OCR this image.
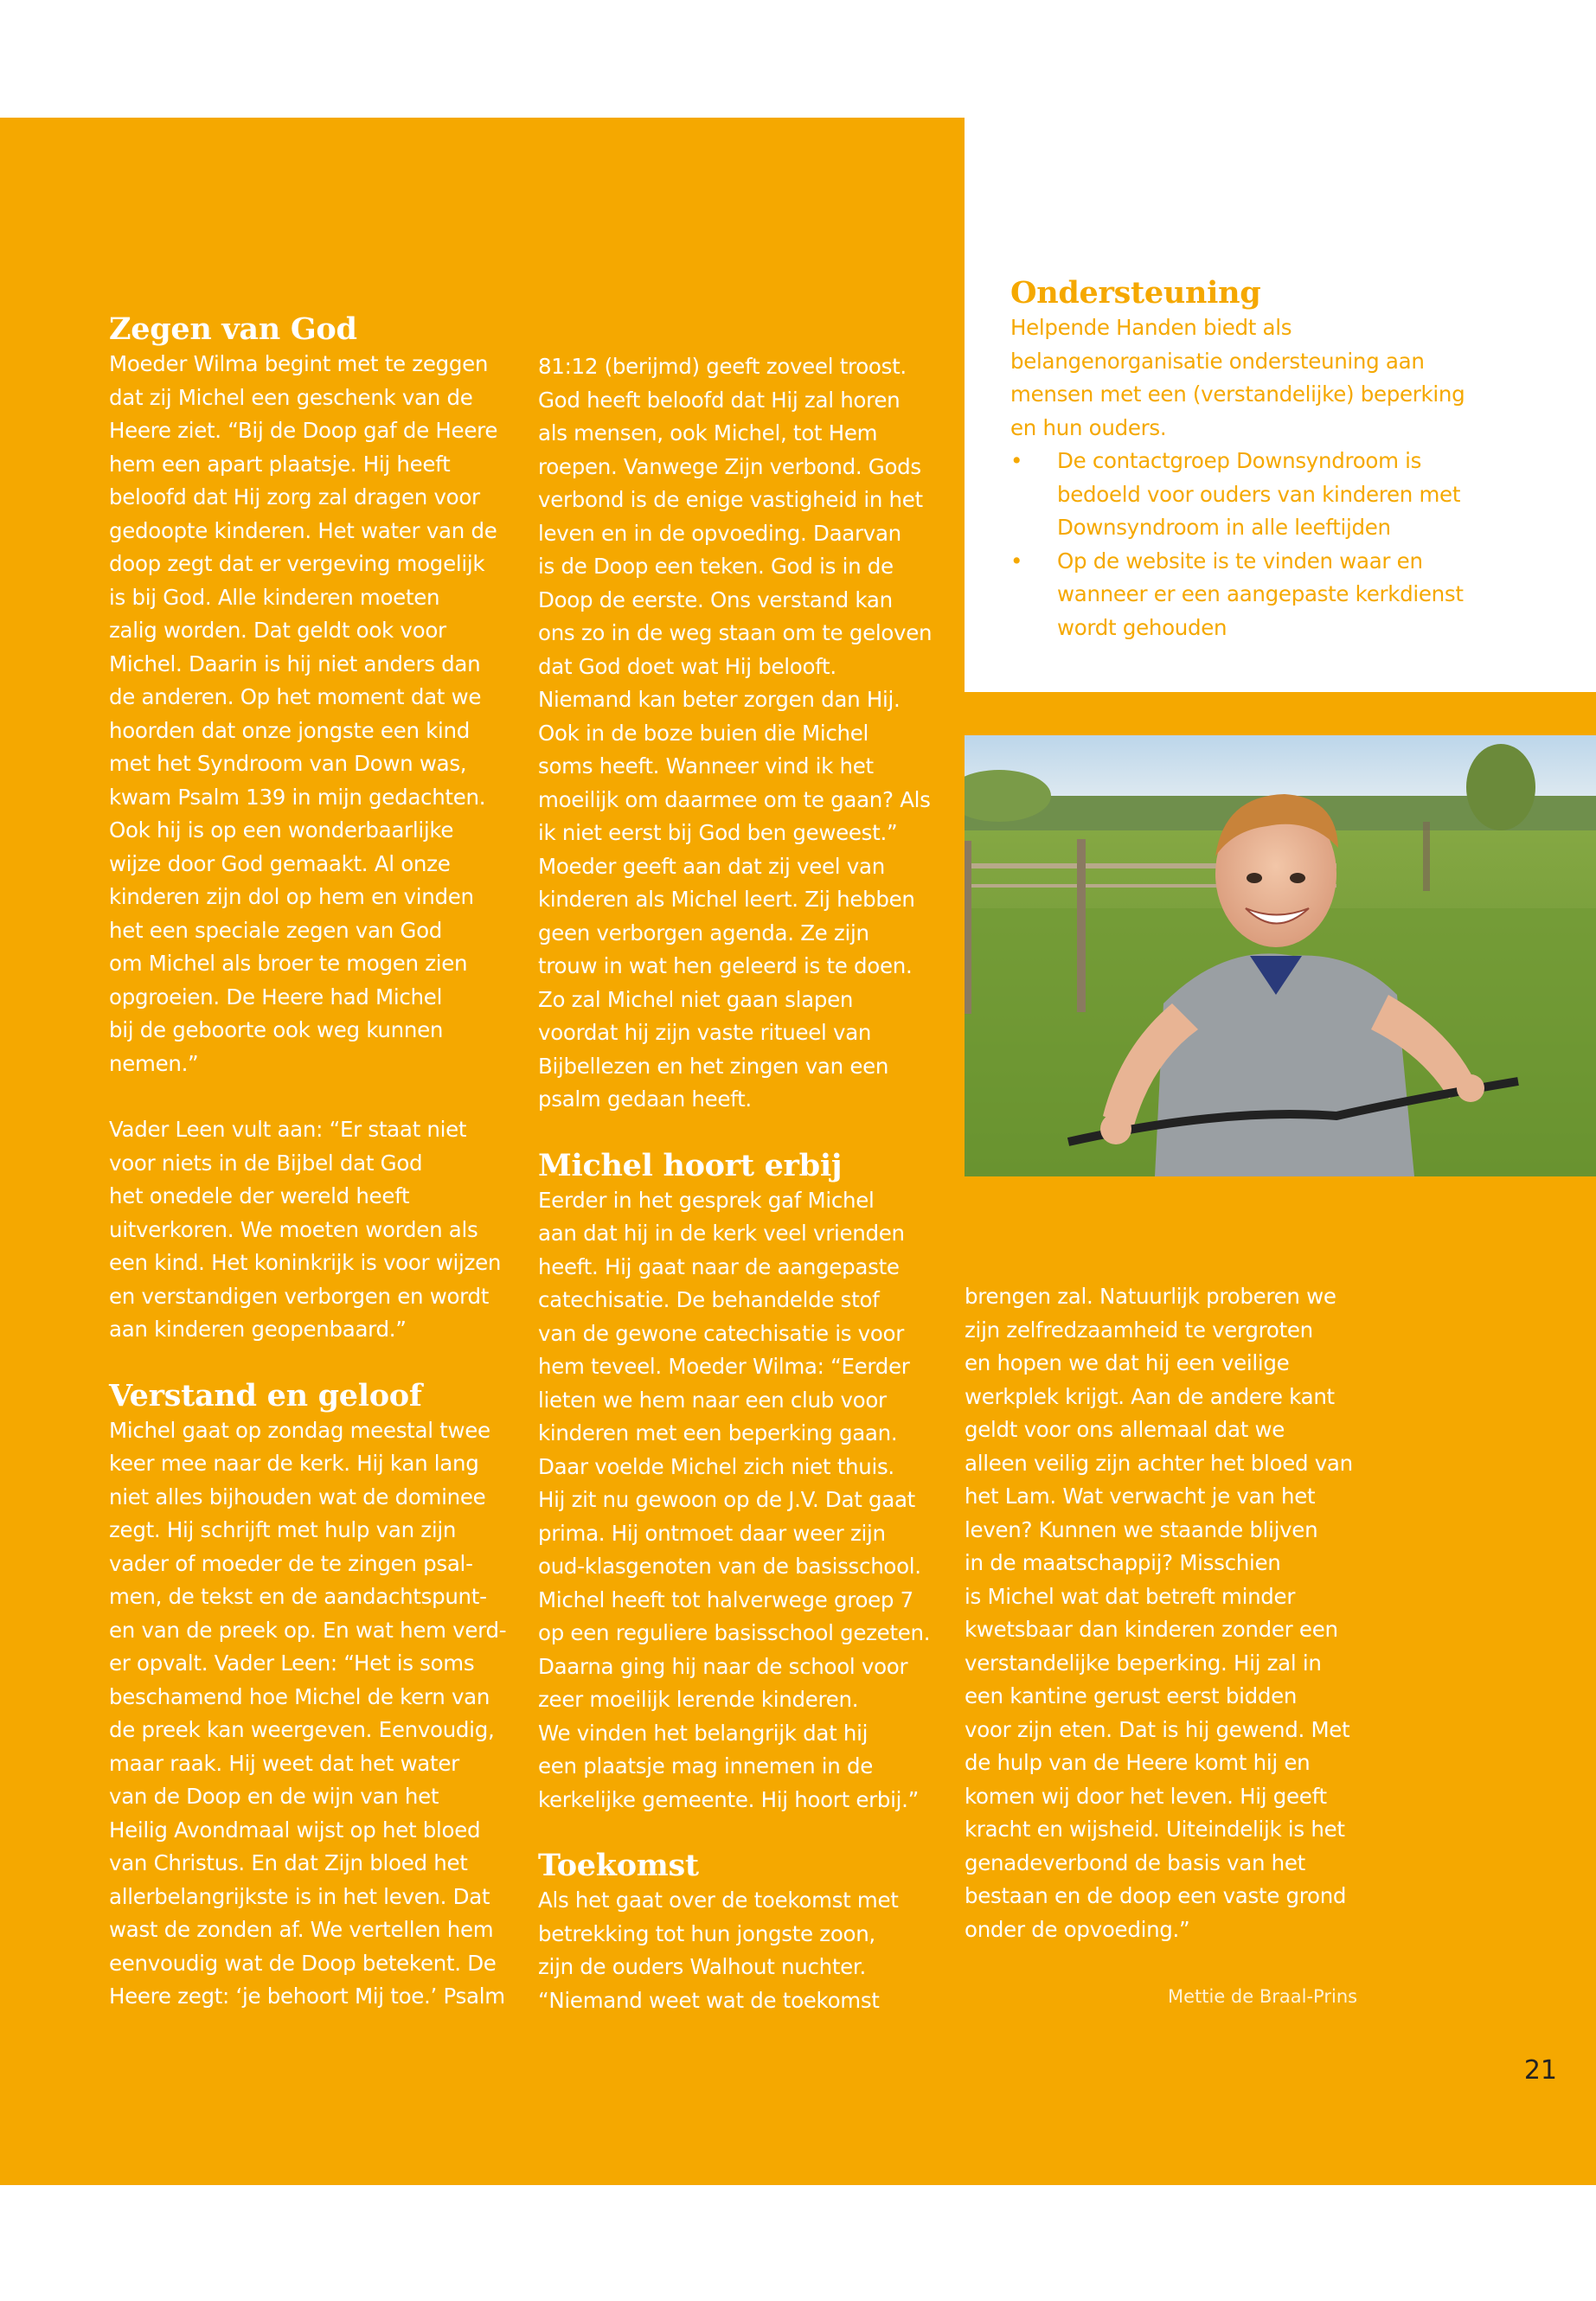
Zegen van God
Moeder Wilma begint met te zeggen
dat zij Michel een geschenk van de
Heere ziet. “Bij de Doop gaf de Heere
hem een apart plaatsje. Hij heeft
beloofd dat Hij zorg zal dragen voor
gedoopte kinderen. Het water van de
doop zegt dat er vergeving mogelijk
is bij God. Alle kinderen moeten
zalig worden. Dat geldt ook voor
Michel. Daarin is hij niet anders dan
de anderen. Op het moment dat we
hoorden dat onze jongste een kind
met het Syndroom van Down was,
kwam Psalm 139 in mijn gedachten.
Ook hij is op een wonderbaarlijke
wijze door God gemaakt. Al onze
kinderen zijn dol op hem en vinden
het een speciale zegen van God
om Michel als broer te mogen zien
opgroeien. De Heere had Michel
bij de geboorte ook weg kunnen
nemen.”
Vader Leen vult aan: “Er staat niet
voor niets in de Bijbel dat God
het onedele der wereld heeft
uitverkoren. We moeten worden als
een kind. Het koninkrijk is voor wijzen
en verstandigen verborgen en wordt
aan kinderen geopenbaard.”
Verstand en geloof
Michel gaat op zondag meestal twee
keer mee naar de kerk. Hij kan lang
niet alles bijhouden wat de dominee
zegt. Hij schrijft met hulp van zijn
vader of moeder de te zingen psal-
men, de tekst en de aandachtspunt-
en van de preek op. En wat hem verd-
er opvalt. Vader Leen: “Het is soms
beschamend hoe Michel de kern van
de preek kan weergeven. Eenvoudig,
maar raak. Hij weet dat het water
van de Doop en de wijn van het
Heilig Avondmaal wijst op het bloed
van Christus. En dat Zijn bloed het
allerbelangrijkste is in het leven. Dat
wast de zonden af. We vertellen hem
eenvoudig wat de Doop betekent. De
Heere zegt: ‘je behoort Mij toe.’ Psalm
81:12 (berijmd) geeft zoveel troost.
God heeft beloofd dat Hij zal horen
als mensen, ook Michel, tot Hem
roepen. Vanwege Zijn verbond. Gods
verbond is de enige vastigheid in het
leven en in de opvoeding. Daarvan
is de Doop een teken. God is in de
Doop de eerste. Ons verstand kan
ons zo in de weg staan om te geloven
dat God doet wat Hij belooft.
Niemand kan beter zorgen dan Hij.
Ook in de boze buien die Michel
soms heeft. Wanneer vind ik het
moeilijk om daarmee om te gaan? Als
ik niet eerst bij God ben geweest.”
Moeder geeft aan dat zij veel van
kinderen als Michel leert. Zij hebben
geen verborgen agenda. Ze zijn
trouw in wat hen geleerd is te doen.
Zo zal Michel niet gaan slapen
voordat hij zijn vaste ritueel van
Bijbellezen en het zingen van een
psalm gedaan heeft.
Michel hoort erbij
Eerder in het gesprek gaf Michel
aan dat hij in de kerk veel vrienden
heeft. Hij gaat naar de aangepaste
catechisatie. De behandelde stof
van de gewone catechisatie is voor
hem teveel. Moeder Wilma: “Eerder
lieten we hem naar een club voor
kinderen met een beperking gaan.
Daar voelde Michel zich niet thuis.
Hij zit nu gewoon op de J.V. Dat gaat
prima. Hij ontmoet daar weer zijn
oud-klasgenoten van de basisschool.
Michel heeft tot halverwege groep 7
op een reguliere basisschool gezeten.
Daarna ging hij naar de school voor
zeer moeilijk lerende kinderen.
We vinden het belangrijk dat hij
een plaatsje mag innemen in de
kerkelijke gemeente. Hij hoort erbij.”
Toekomst
Als het gaat over de toekomst met
betrekking tot hun jongste zoon,
zijn de ouders Walhout nuchter.
“Niemand weet wat de toekomst
brengen zal. Natuurlijk proberen we
zijn zelfredzaamheid te vergroten
en hopen we dat hij een veilige
werkplek krijgt. Aan de andere kant
geldt voor ons allemaal dat we
alleen veilig zijn achter het bloed van
het Lam. Wat verwacht je van het
leven? Kunnen we staande blijven
in de maatschappij? Misschien
is Michel wat dat betreft minder
kwetsbaar dan kinderen zonder een
verstandelijke beperking. Hij zal in
een kantine gerust eerst bidden
voor zijn eten. Dat is hij gewend. Met
de hulp van de Heere komt hij en
komen wij door het leven. Hij geeft
kracht en wijsheid. Uiteindelijk is het
genadeverbond de basis van het
bestaan en de doop een vaste grond
onder de opvoeding.”
Ondersteuning
Helpende Handen biedt als
belangenorganisatie ondersteuning aan
mensen met een (verstandelijke) beperking
en hun ouders.
• De contactgroep Downsyndroom is
bedoeld voor ouders van kinderen met
Downsyndroom in alle leeftijden
• Op de website is te vinden waar en
wanneer er een aangepaste kerkdienst
wordt gehouden
Mettie de Braal-Prins
21
